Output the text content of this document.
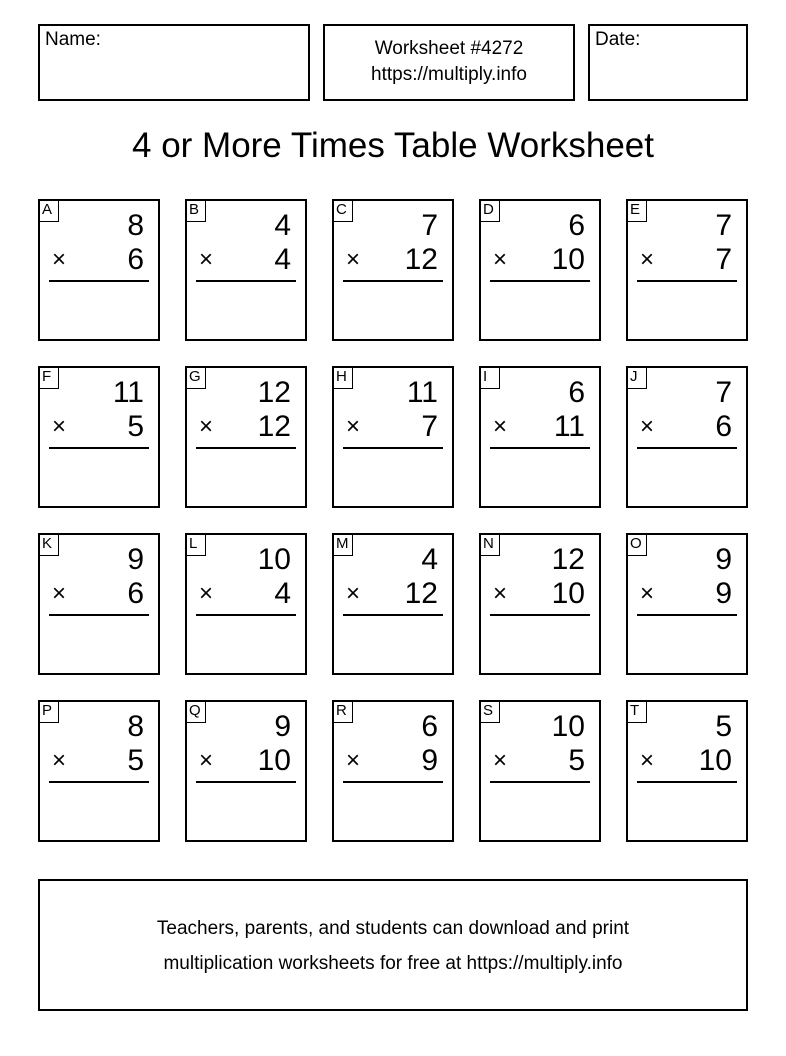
Name:	Worksheet #4272
https://multiply.info
Date:
4 or More Times Table Worksheet
A	8
× 6
B	4
× 4
C 7
× 12
D 6
× 10
E	7
× 7
F 11
× 5
G 12
× 12
H 11
× 7
I	6
× 11
J	7
× 6
K	9
× 6
L 10
× 4
M 4
× 12
N 12
× 10
O 9
× 9
P	8
× 5
Q 9
× 10
R 6
× 9
S 10
× 5
T	5
× 10
Teachers, parents, and students can download and print
multiplication worksheets for free at https://multiply.info
